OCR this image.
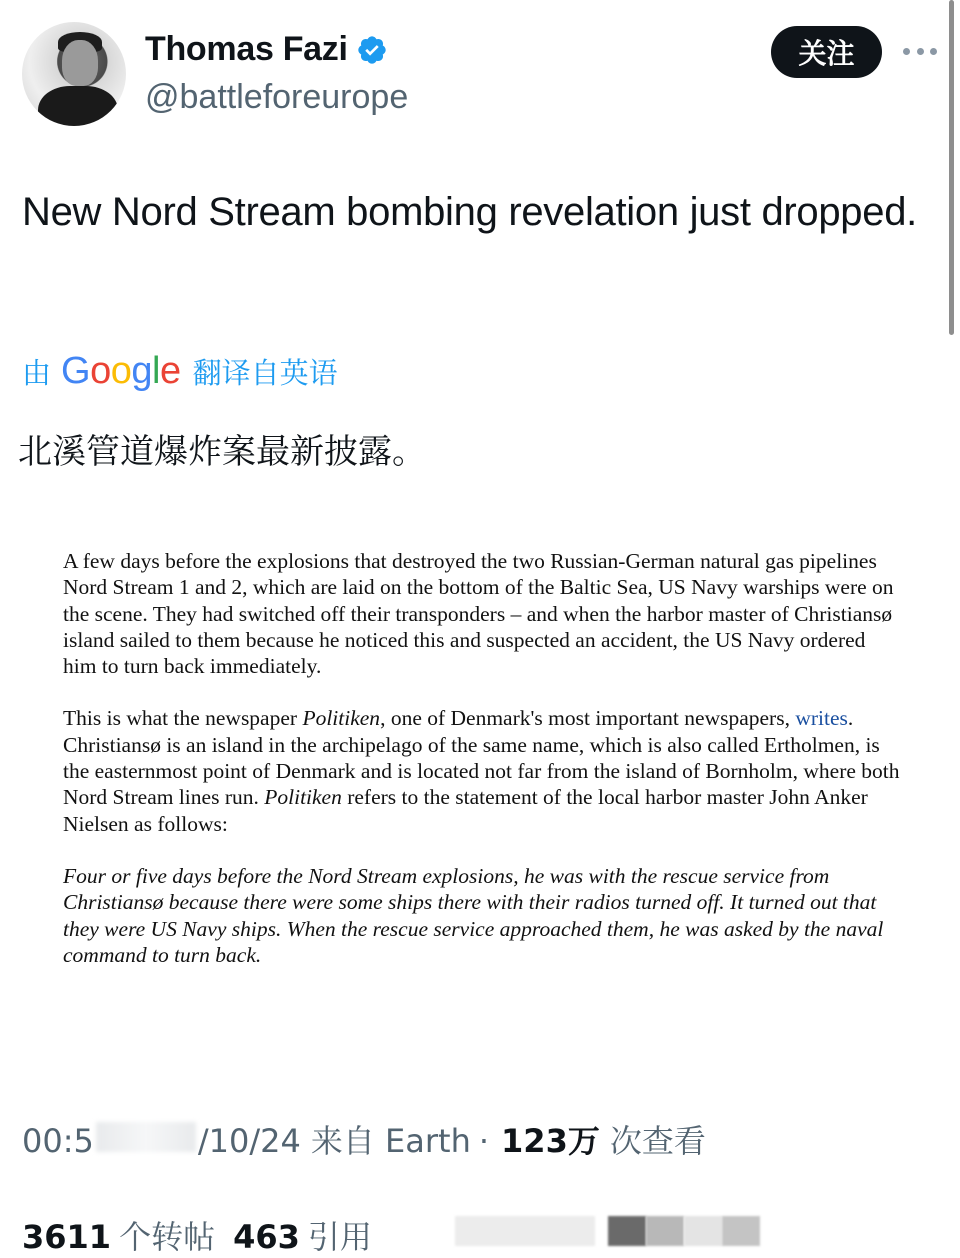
Thomas Fazi
@battleforeurope
关注
New Nord Stream bombing revelation just dropped.
由 Google 翻译自英语
北溪管道爆炸案最新披露。

A few days before the explosions that destroyed the two Russian-German natural gas pipelines Nord Stream 1 and 2, which are laid on the bottom of the Baltic Sea, US Navy warships were on the scene. They had switched off their transponders – and when the harbor master of Christiansø island sailed to them because he noticed this and suspected an accident, the US Navy ordered him to turn back immediately.

This is what the newspaper Politiken, one of Denmark's most important newspapers, writes. Christiansø is an island in the archipelago of the same name, which is also called Ertholmen, is the easternmost point of Denmark and is located not far from the island of Bornholm, where both Nord Stream lines run. Politiken refers to the statement of the local harbor master John Anker Nielsen as follows:

Four or five days before the Nord Stream explosions, he was with the rescue service from Christiansø because there were some ships there with their radios turned off. It turned out that they were US Navy ships. When the rescue service approached them, he was asked by the naval command to turn back.

00:5	/10/24 来自 Earth · 123万 次查看
3611 个转帖 463 引用
